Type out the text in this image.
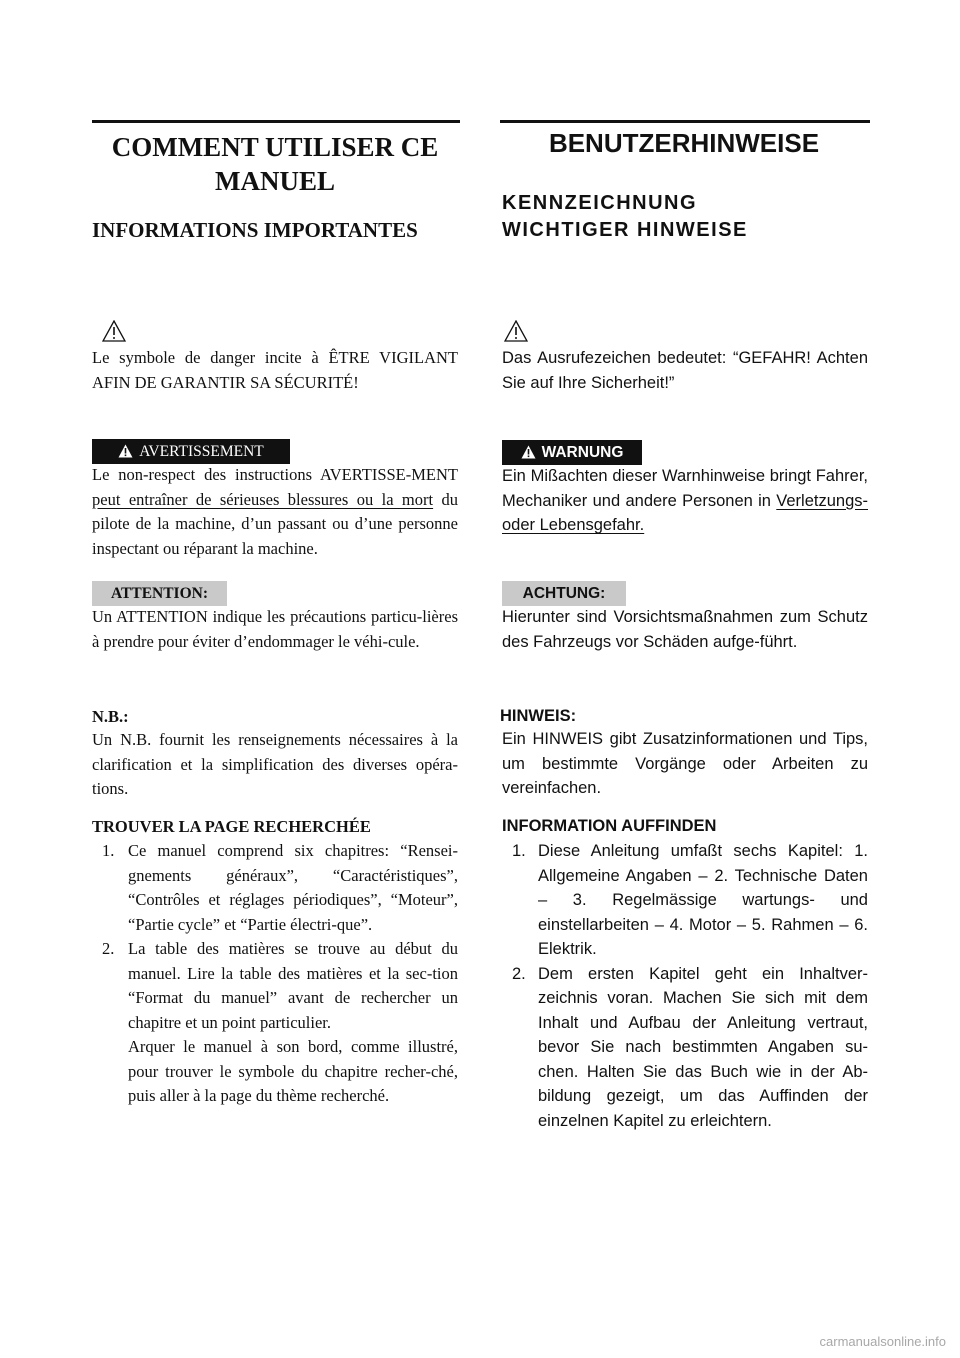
COMMENT UTILISER CE MANUEL
INFORMATIONS IMPORTANTES
Le symbole de danger incite à ÊTRE VIGILANT AFIN DE GARANTIR SA SÉCURITÉ!
AVERTISSEMENT
Le non-respect des instructions AVERTISSE-MENT peut entraîner de sérieuses blessures ou la mort du pilote de la machine, d’un passant ou d’une personne inspectant ou réparant la machine.
ATTENTION:
Un ATTENTION indique les précautions particu-lières à prendre pour éviter d’endommager le véhi-cule.
N.B.:
Un N.B. fournit les renseignements nécessaires à la clarification et la simplification des diverses opéra-tions.
TROUVER LA PAGE RECHERCHÉE
1. Ce manuel comprend six chapitres: “Rensei-gnements généraux”, “Caractéristiques”, “Contrôles et réglages périodiques”, “Moteur”, “Partie cycle” et “Partie électri-que”.
2. La table des matières se trouve au début du manuel. Lire la table des matières et la sec-tion “Format du manuel” avant de rechercher un chapitre et un point particulier.
Arquer le manuel à son bord, comme illustré, pour trouver le symbole du chapitre recher-ché, puis aller à la page du thème recherché.
BENUTZERHINWEISE
KENNZEICHNUNG
WICHTIGER HINWEISE
Das Ausrufezeichen bedeutet: “GEFAHR! Achten Sie auf Ihre Sicherheit!”
WARNUNG
Ein Mißachten dieser Warnhinweise bringt Fahrer, Mechaniker und andere Personen in Verletzungs- oder Lebensgefahr.
ACHTUNG:
Hierunter sind Vorsichtsmaßnahmen zum Schutz des Fahrzeugs vor Schäden aufge-führt.
HINWEIS:
Ein HINWEIS gibt Zusatzinformationen und Tips, um bestimmte Vorgänge oder Arbeiten zu vereinfachen.
INFORMATION AUFFINDEN
1. Diese Anleitung umfaßt sechs Kapitel: 1. Allgemeine Angaben – 2. Technische Daten – 3. Regelmässige wartungs- und einstellarbeiten – 4. Motor – 5. Rahmen – 6. Elektrik.
2. Dem ersten Kapitel geht ein Inhaltver-zeichnis voran. Machen Sie sich mit dem Inhalt und Aufbau der Anleitung vertraut, bevor Sie nach bestimmten Angaben su-chen. Halten Sie das Buch wie in der Ab-bildung gezeigt, um das Auffinden der einzelnen Kapitel zu erleichtern.
carmanualsonline.info
